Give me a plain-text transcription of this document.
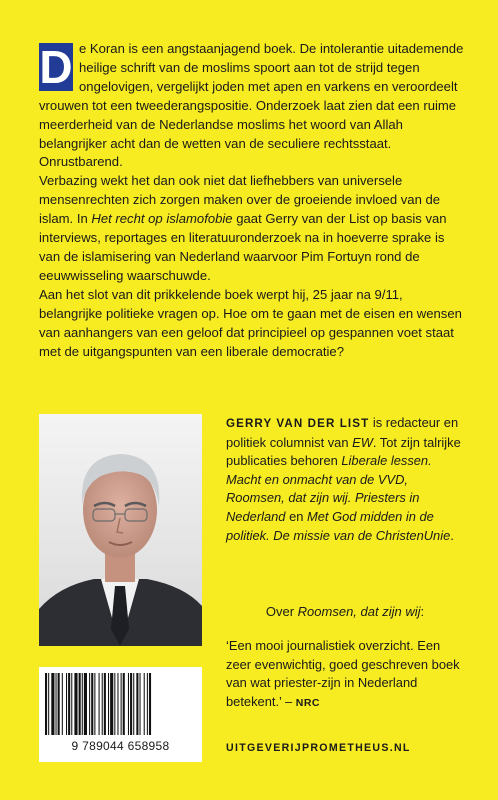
D e Koran is een angstaanjagend boek. De intolerantie uitademende heilige schrift van de moslims spoort aan tot de strijd tegen ongelovigen, vergelijkt joden met apen en varkens en veroordeelt vrouwen tot een tweederangspositie. Onderzoek laat zien dat een ruime meerderheid van de Nederlandse moslims het woord van Allah belangrijker acht dan de wetten van de seculiere rechtsstaat. Onrustbarend.

Verbazing wekt het dan ook niet dat liefhebbers van universele mensenrechten zich zorgen maken over de groeiende invloed van de islam. In Het recht op islamofobie gaat Gerry van der List op basis van interviews, reportages en literatuuronderzoek na in hoeverre sprake is van de islamisering van Nederland waarvoor Pim Fortuyn rond de eeuwwisseling waarschuwde.

Aan het slot van dit prikkelende boek werpt hij, 25 jaar na 9/11, belangrijke politieke vragen op. Hoe om te gaan met de eisen en wensen van aanhangers van een geloof dat principieel op gespannen voet staat met de uitgangspunten van een liberale democratie?

GERRY VAN DER LIST is redacteur en politiek columnist van EW. Tot zijn talrijke publicaties behoren Liberale lessen. Macht en onmacht van de VVD, Roomsen, dat zijn wij. Priesters in Nederland en Met God midden in de politiek. De missie van de ChristenUnie.
Over Roomsen, dat zijn wij:
‘Een mooi journalistiek overzicht. Een zeer evenwichtig, goed geschreven boek van wat priester-zijn in Nederland betekent.’ – NRC
9 789044 658958	UITGEVERIJPROMETHEUS.NL
